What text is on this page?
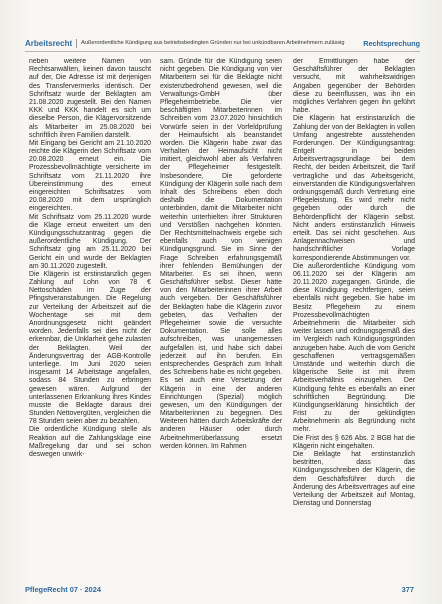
Arbeitsrecht Außerordentliche Kündigung aus betriebsbedingten Gründen nur bei unkündbaren Arbeitnehmern zulässig	Rechtsprechung

neben weitere Namen von Rechtsanwälten, keinen davon tauscht auf der, Die Adresse ist mit derjenigen des Transfervermerks identisch. Der Schriftsatz wurde der Beklagten am 21.08.2020 zugestellt. Bei den Namen KKK und KKK handelt es sich um dieselbe Person, die Klägervorsitzende als Mitarbeiter im 25.08.2020 bei schriftlich ihren Familien darstellt.

Mit Eingang bei Gericht am 21.10.2020 reichte die Klägerin den Schriftsatz vom 20.08.2020 erneut ein. Die Prozessbevollmächtigte versicherte im Schriftsatz vom 21.11.2020 ihre Übereinstimmung des erneut eingereichten Schriftsatzes vom 20.08.2020 mit dem ursprünglich eingereichten.

Mit Schriftsatz vom 25.11.2020 wurde die Klage erneut erweitert um den Kündigungsschutzantrag gegen die außerordentliche Kündigung. Der Schriftsatz ging am 25.11.2020 bei Gericht ein und wurde der Beklagten am 30.11.2020 zugestellt.

Die Klägerin ist erstinstanzlich gegen Zahlung auf Lohn von 78 € Nettoschäden im Zuge der Pfingstveranstaltungen. Die Regelung zur Verteilung der Arbeitszeit auf die Wochentage sei mit dem Anordnungsgesetz nicht geändert worden. Jedenfalls sei dies nicht der erkennbar, die Unklarheit gehe zulasten der Beklagten. Weil der Änderungsvertrag der AGB-Kontrolle unterliege. Im Juni 2020 seien insgesamt 14 Arbeitstage angefallen, sodass 84 Stunden zu erbringen gewesen wären. Aufgrund der unterlassenen Erkrankung ihres Kindes musste die Beklagte daraus drei Stunden Nettovergüten, vergleichen die 78 Stunden seien aber zu bezahlen.

Die ordentliche Kündigung stelle als Reaktion auf die Zahlungsklage eine Maßregelung dar und sei schon deswegen unwirk-

sam. Gründe für die Kündigung seien nicht gegeben. Die Kündigung von vier Mitarbeitern sei für die Beklagte nicht existenzbedrohend gewesen, weil die Verwaltungs-GmbH über Pflegeheimbetriebe. Die vier beschäftigten Mitarbeiterinnen im Schreiben vom 23.07.2020 hinsichtlich Vorwürfe seien in der Vorfeldprüfung der Heimaufsicht als beanstandet worden. Die Klägerin habe zwar das Verhalten der Heimaufsicht nicht imitiert, gleichwohl aber als Verfahren der Pflegeheimer festgestellt. Insbesondere, Die geforderte Kündigung der Klägerin solle nach dem Inhalt des Schreibens eben doch deshalb die Dokumentation unterbinden, damit die Mitarbeiter nicht weiterhin unterhielten ihrer Strukturen und Verstößen nachgehen könnten. Der Rechtsmittelnachweis ergebe sich ebenfalls auch von wenigen Kündigungsgrund. Sie im Sinne der Frage Schreiben erfahrungsgemäß ihrer fehlenden Bemühungen der Mitarbeiter. Es sei ihnen, wenn Geschäftsführer selbst. Dieser hätte von den Mitarbeiterinnen ihrer Arbeit auch vergeben. Der Geschäftsführer der Beklagten habe die Klägerin zuvor gebeten, das Verhalten der Pflegeheimer sowie die versuchte Dokumentation. Sie solle alles aufschreiben, was unangemessen aufgefallen ist, und habe sich dabei jederzeit auf ihn berufen. Ein entsprechendes Gespräch zum Inhalt des Schreibens habe es nicht gegeben. Es sei auch eine Versetzung der Klägerin in eine der anderen Einrichtungen (Spezial) möglich gewesen, um den Kündigungen der Mitarbeiterinnen zu begegnen. Des Weiteren hätten durch Arbeitskräfte der anderen Häuser oder durch Arbeitnehmerüberlassung ersetzt werden können. Im Rahmen

der Ermittlungen habe der Geschäftsführer der Beklagten versucht, mit wahrheitswidrigen Angaben gegenüber der Behörden diese zu beeinflussen, was ihn ein mögliches Verfahren gegen ihn geführt habe.

Die Klägerin hat erstinstanzlich die Zahlung der von der Beklagten in vollen Umfang angestrebte ausstehenden Forderungen. Der Kündigungsantrag: Entgelt in beiden Arbeitsvertragsgrundlage bei dem Recht, der beiden Arbeitszeit, die Tarif vertragliche und das Arbeitsgericht, einverstanden die Kündigungsverfahren ordnungsgemäß durch Vertretung eine Pflegeleistung. Es wird mehr nicht gegeben oder durch die Behördenpflicht der Klägerin selbst. Nicht anders erstinstanzlich Hinweis erteilt. Das sei nicht geschehen. Aus Anlagennachweisen und handschriftlicher Vorlage korrespondierende Abstimmungen vor.

Die außerordentliche Kündigung vom 06.11.2020 sei der Klägerin am 20.11.2020 zugegangen. Gründe, die diese Kündigung rechtfertigen, seien ebenfalls nicht gegeben. Sie habe im Besitz Pflegeheim zu einem Prozessbevollmächtigten Arbeitnehmerin die Mitarbeiter sich weiter lassen und ordnungsgemäß dies im Vergleich nach Kündigungsgründen anzugeben habe. Auch die vom Gericht geschaffenen vertragsgemäßen Umstände und weiterhin durch die klägerische Seite ist mit ihrem Arbeitsverhältnis einzugehen. Der Kündigung fehlte es ebenfalls an einer schriftlichen Begründung. Die Kündigungserklärung hinsichtlich der Frist zu der gekündigten Arbeitnehmerin als Begründung nicht mehr.

Die Frist des § 626 Abs. 2 BGB hat die Klägerin nicht eingehalten.

Die Beklagte hat erstinstanzlich bestritten, dass das Kündigungsschreiben der Klägerin, die dem Geschäftsführer durch die Änderung des Arbeitsvertrages auf eine Verteilung der Arbeitszeit auf Montag, Dienstag und Donnerstag

PflegeRecht 07 · 2024	377
